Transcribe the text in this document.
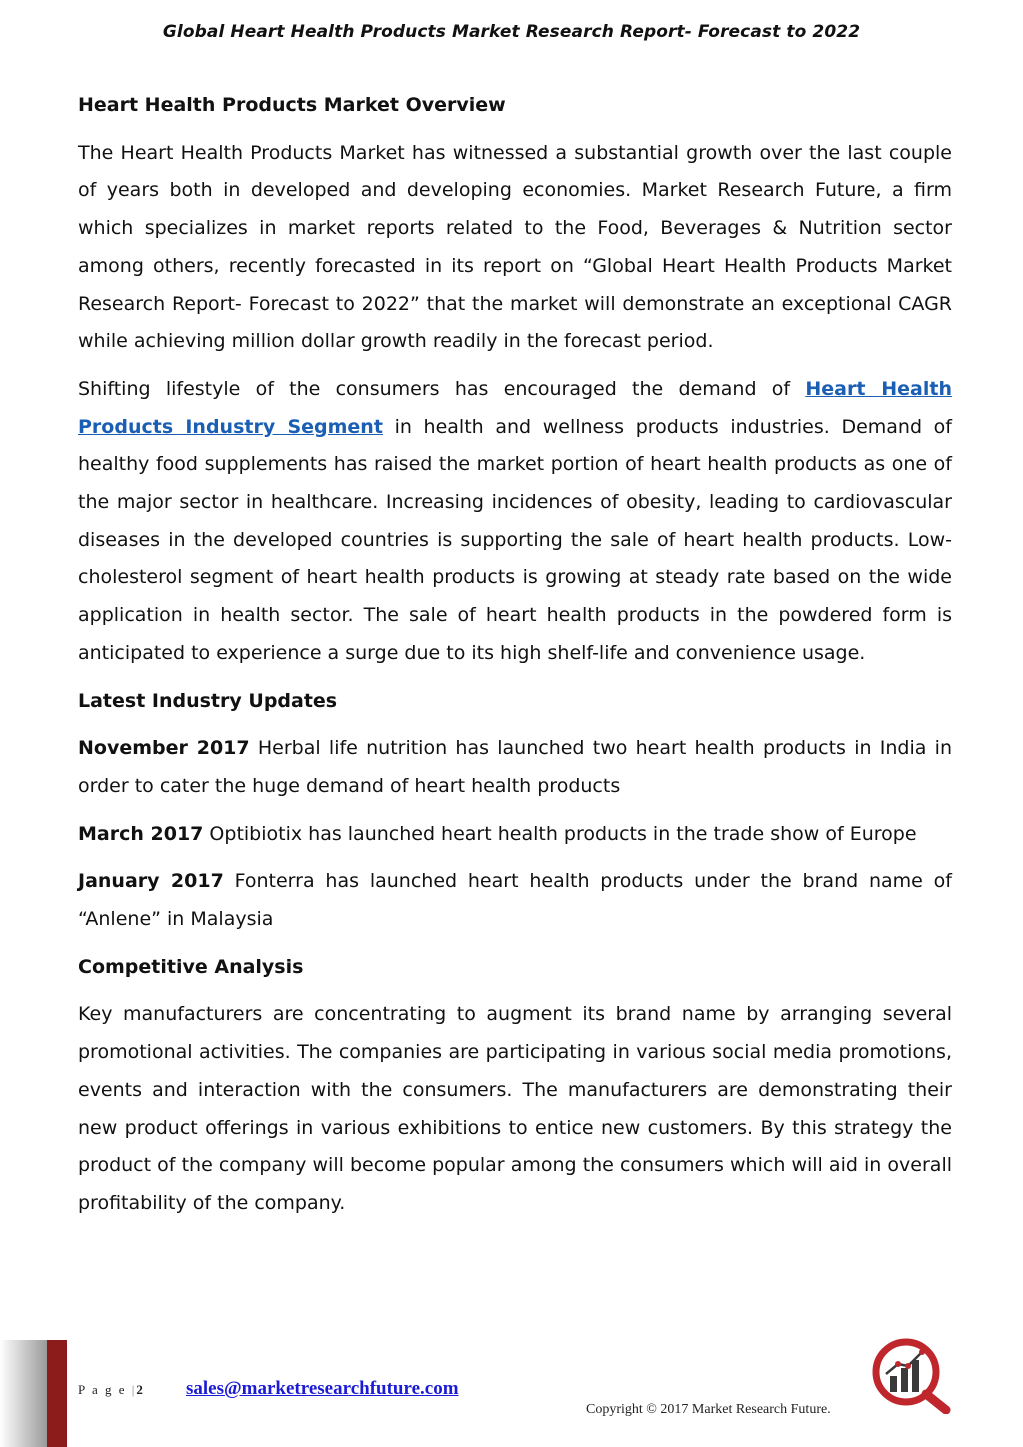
Global Heart Health Products Market Research Report- Forecast to 2022
Heart Health Products Market Overview

The Heart Health Products Market has witnessed a substantial growth over the last couple of years both in developed and developing economies. Market Research Future, a firm which specializes in market reports related to the Food, Beverages & Nutrition sector among others, recently forecasted in its report on “Global Heart Health Products Market Research Report- Forecast to 2022” that the market will demonstrate an exceptional CAGR while achieving million dollar growth readily in the forecast period.

Shifting lifestyle of the consumers has encouraged the demand of Heart Health Products Industry Segment in health and wellness products industries. Demand of healthy food supplements has raised the market portion of heart health products as one of the major sector in healthcare. Increasing incidences of obesity, leading to cardiovascular diseases in the developed countries is supporting the sale of heart health products. Low-cholesterol segment of heart health products is growing at steady rate based on the wide application in health sector. The sale of heart health products in the powdered form is anticipated to experience a surge due to its high shelf-life and convenience usage.

Latest Industry Updates

November 2017 Herbal life nutrition has launched two heart health products in India in order to cater the huge demand of heart health products

March 2017 Optibiotix has launched heart health products in the trade show of Europe

January 2017 Fonterra has launched heart health products under the brand name of “Anlene” in Malaysia

Competitive Analysis

Key manufacturers are concentrating to augment its brand name by arranging several promotional activities. The companies are participating in various social media promotions, events and interaction with the consumers. The manufacturers are demonstrating their new product offerings in various exhibitions to entice new customers. By this strategy the product of the company will become popular among the consumers which will aid in overall profitability of the company.

P a g e |2 sales@marketresearchfuture.com
Copyright © 2017 Market Research Future.
